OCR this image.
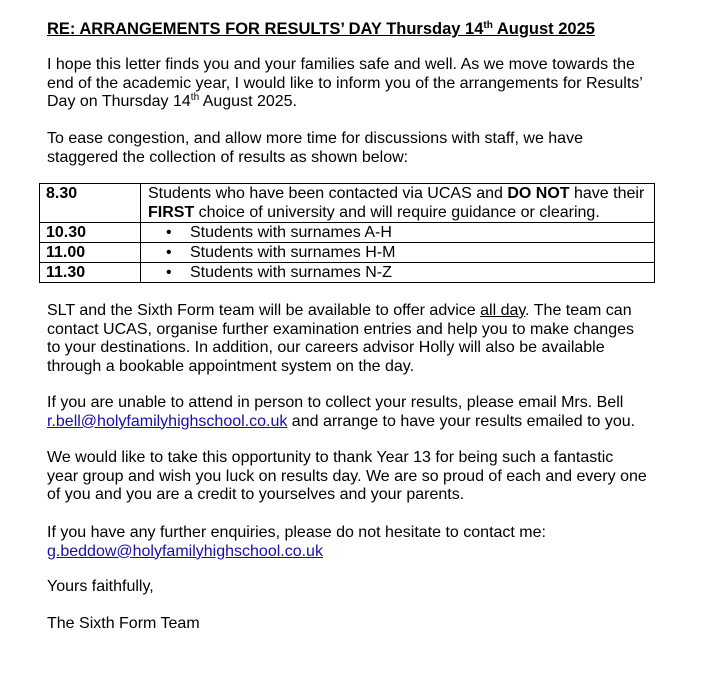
RE: ARRANGEMENTS FOR RESULTS’ DAY Thursday 14th August 2025

I hope this letter finds you and your families safe and well. As we move towards the
end of the academic year, I would like to inform you of the arrangements for Results’
Day on Thursday 14th August 2025.

To ease congestion, and allow more time for discussions with staff, we have
staggered the collection of results as shown below:

8.30	Students who have been contacted via UCAS and DO NOT have their
FIRST choice of university and will require guidance or clearing.
10.30	• Students with surnames A-H
11.00	• Students with surnames H-M
11.30	• Students with surnames N-Z

SLT and the Sixth Form team will be available to offer advice all day. The team can
contact UCAS, organise further examination entries and help you to make changes
to your destinations. In addition, our careers advisor Holly will also be available
through a bookable appointment system on the day.

If you are unable to attend in person to collect your results, please email Mrs. Bell
r.bell@holyfamilyhighschool.co.uk and arrange to have your results emailed to you.

We would like to take this opportunity to thank Year 13 for being such a fantastic
year group and wish you luck on results day. We are so proud of each and every one
of you and you are a credit to yourselves and your parents.

If you have any further enquiries, please do not hesitate to contact me:
g.beddow@holyfamilyhighschool.co.uk

Yours faithfully,

The Sixth Form Team
